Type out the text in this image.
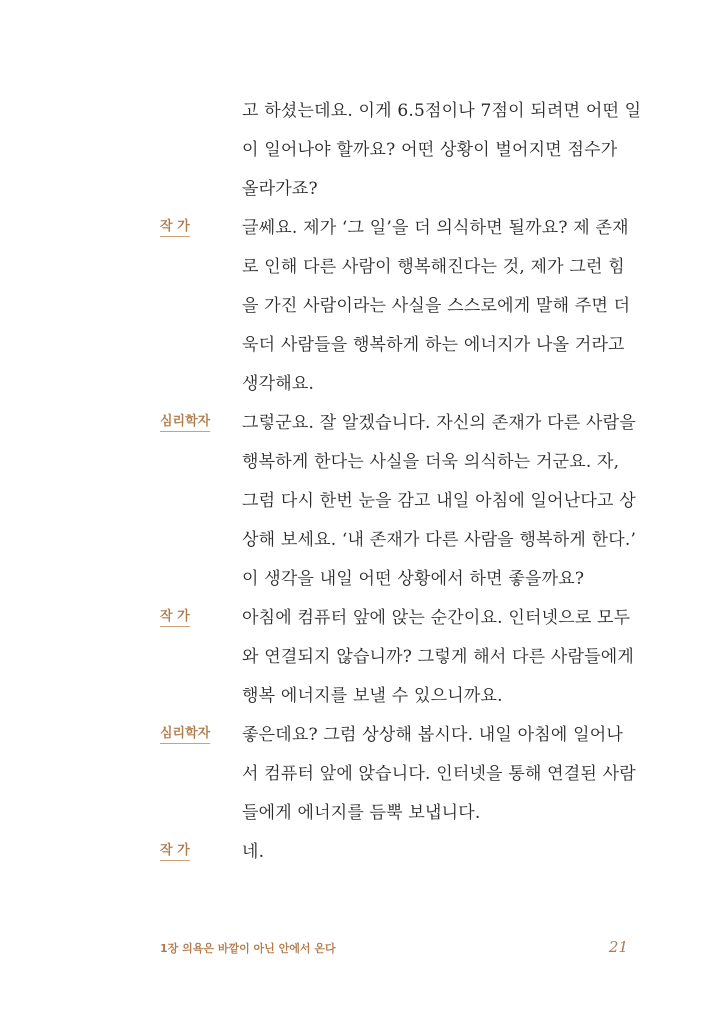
고 하셨는데요. 이게 6.5점이나 7점이 되려면 어떤 일
이 일어나야 할까요? 어떤 상황이 벌어지면 점수가
올라가죠?
작 가	글쎄요. 제가 ‘그 일’을 더 의식하면 될까요? 제 존재
로 인해 다른 사람이 행복해진다는 것, 제가 그런 힘
을 가진 사람이라는 사실을 스스로에게 말해 주면 더
욱더 사람들을 행복하게 하는 에너지가 나올 거라고
생각해요.
심리학자	그렇군요. 잘 알겠습니다. 자신의 존재가 다른 사람을
행복하게 한다는 사실을 더욱 의식하는 거군요. 자,
그럼 다시 한번 눈을 감고 내일 아침에 일어난다고 상
상해 보세요. ‘내 존재가 다른 사람을 행복하게 한다.’
이 생각을 내일 어떤 상황에서 하면 좋을까요?
작 가	아침에 컴퓨터 앞에 앉는 순간이요. 인터넷으로 모두
와 연결되지 않습니까? 그렇게 해서 다른 사람들에게
행복 에너지를 보낼 수 있으니까요.
심리학자	좋은데요? 그럼 상상해 봅시다. 내일 아침에 일어나
서 컴퓨터 앞에 앉습니다. 인터넷을 통해 연결된 사람
들에게 에너지를 듬뿍 보냅니다.
작 가	네.
1장 의욕은 바깥이 아닌 안에서 온다	21
